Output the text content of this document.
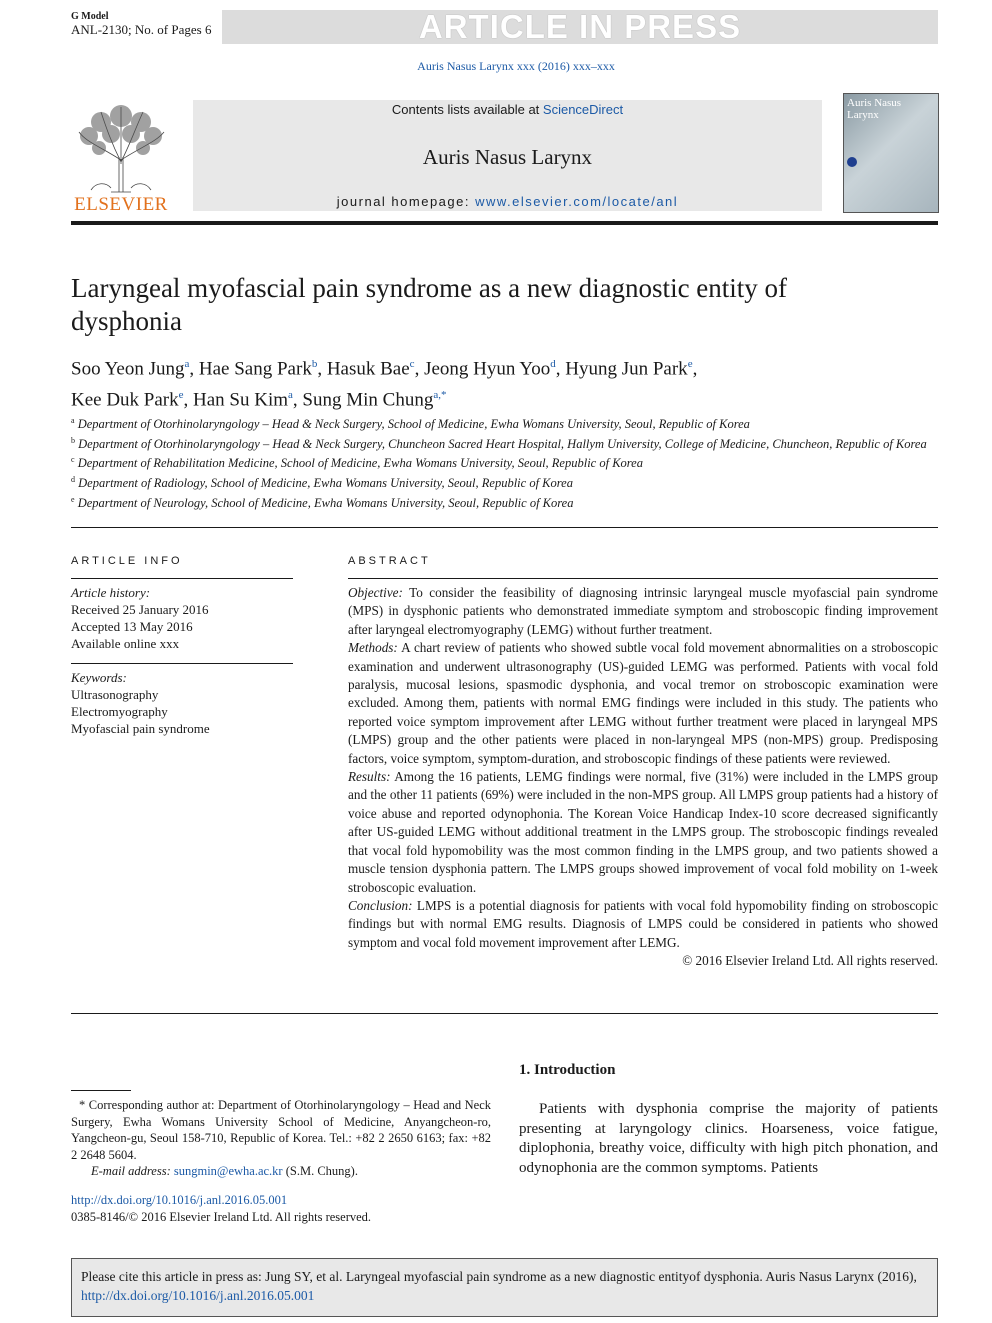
G Model
ANL-2130; No. of Pages 6	ARTICLE IN PRESS
Auris Nasus Larynx xxx (2016) xxx–xxx
ELSEVIER
Contents lists available at ScienceDirect
Auris Nasus Larynx
journal homepage: www.elsevier.com/locate/anl
Auris Nasus Larynx
Laryngeal myofascial pain syndrome as a new diagnostic entity of dysphonia
Soo Yeon Jung$^a$, Hae Sang Park$^b$, Hasuk Bae$^c$, Jeong Hyun Yoo$^d$, Hyung Jun Park$^e$,
Kee Duk Park$^e$, Han Su Kim$^a$, Sung Min Chung$^{a,*}$

$^a$ Department of Otorhinolaryngology – Head & Neck Surgery, School of Medicine, Ewha Womans University, Seoul, Republic of Korea

$^b$ Department of Otorhinolaryngology – Head & Neck Surgery, Chuncheon Sacred Heart Hospital, Hallym University, College of Medicine, Chuncheon, Republic of Korea

$^c$ Department of Rehabilitation Medicine, School of Medicine, Ewha Womans University, Seoul, Republic of Korea

$^d$ Department of Radiology, School of Medicine, Ewha Womans University, Seoul, Republic of Korea

$^e$ Department of Neurology, School of Medicine, Ewha Womans University, Seoul, Republic of Korea

ARTICLE INFO
Article history:
Received 25 January 2016
Accepted 13 May 2016
Available online xxx
Keywords:
Ultrasonography
Electromyography
Myofascial pain syndrome
ABSTRACT

Objective: To consider the feasibility of diagnosing intrinsic laryngeal muscle myofascial pain syndrome (MPS) in dysphonic patients who demonstrated immediate symptom and stroboscopic finding improvement after laryngeal electromyography (LEMG) without further treatment.

Methods: A chart review of patients who showed subtle vocal fold movement abnormalities on a stroboscopic examination and underwent ultrasonography (US)-guided LEMG was performed. Patients with vocal fold paralysis, mucosal lesions, spasmodic dysphonia, and vocal tremor on stroboscopic examination were excluded. Among them, patients with normal EMG findings were included in this study. The patients who reported voice symptom improvement after LEMG without further treatment were placed in laryngeal MPS (LMPS) group and the other patients were placed in non-laryngeal MPS (non-MPS) group. Predisposing factors, voice symptom, symptom-duration, and stroboscopic findings of these patients were reviewed.

Results: Among the 16 patients, LEMG findings were normal, five (31%) were included in the LMPS group and the other 11 patients (69%) were included in the non-MPS group. All LMPS group patients had a history of voice abuse and reported odynophonia. The Korean Voice Handicap Index-10 score decreased significantly after US-guided LEMG without additional treatment in the LMPS group. The stroboscopic findings revealed that vocal fold hypomobility was the most common finding in the LMPS group, and two patients showed a muscle tension dysphonia pattern. The LMPS groups showed improvement of vocal fold mobility on 1-week stroboscopic evaluation.

Conclusion: LMPS is a potential diagnosis for patients with vocal fold hypomobility finding on stroboscopic findings but with normal EMG results. Diagnosis of LMPS could be considered in patients who showed symptom and vocal fold movement improvement after LEMG.

© 2016 Elsevier Ireland Ltd. All rights reserved.

* Corresponding author at: Department of Otorhinolaryngology – Head and Neck Surgery, Ewha Womans University School of Medicine, Anyangcheon-ro, Yangcheon-gu, Seoul 158-710, Republic of Korea. Tel.: +82 2 2650 6163; fax: +82 2 2648 5604.

E-mail address: sungmin@ewha.ac.kr (S.M. Chung).

http://dx.doi.org/10.1016/j.anl.2016.05.001
0385-8146/© 2016 Elsevier Ireland Ltd. All rights reserved.
1. Introduction
Patients with dysphonia comprise the majority of patients presenting at laryngology clinics. Hoarseness, voice fatigue, diplophonia, breathy voice, difficulty with high pitch phonation, and odynophonia are the common symptoms. Patients
Please cite this article in press as: Jung SY, et al. Laryngeal myofascial pain syndrome as a new diagnostic entityof dysphonia. Auris Nasus Larynx (2016), http://dx.doi.org/10.1016/j.anl.2016.05.001
